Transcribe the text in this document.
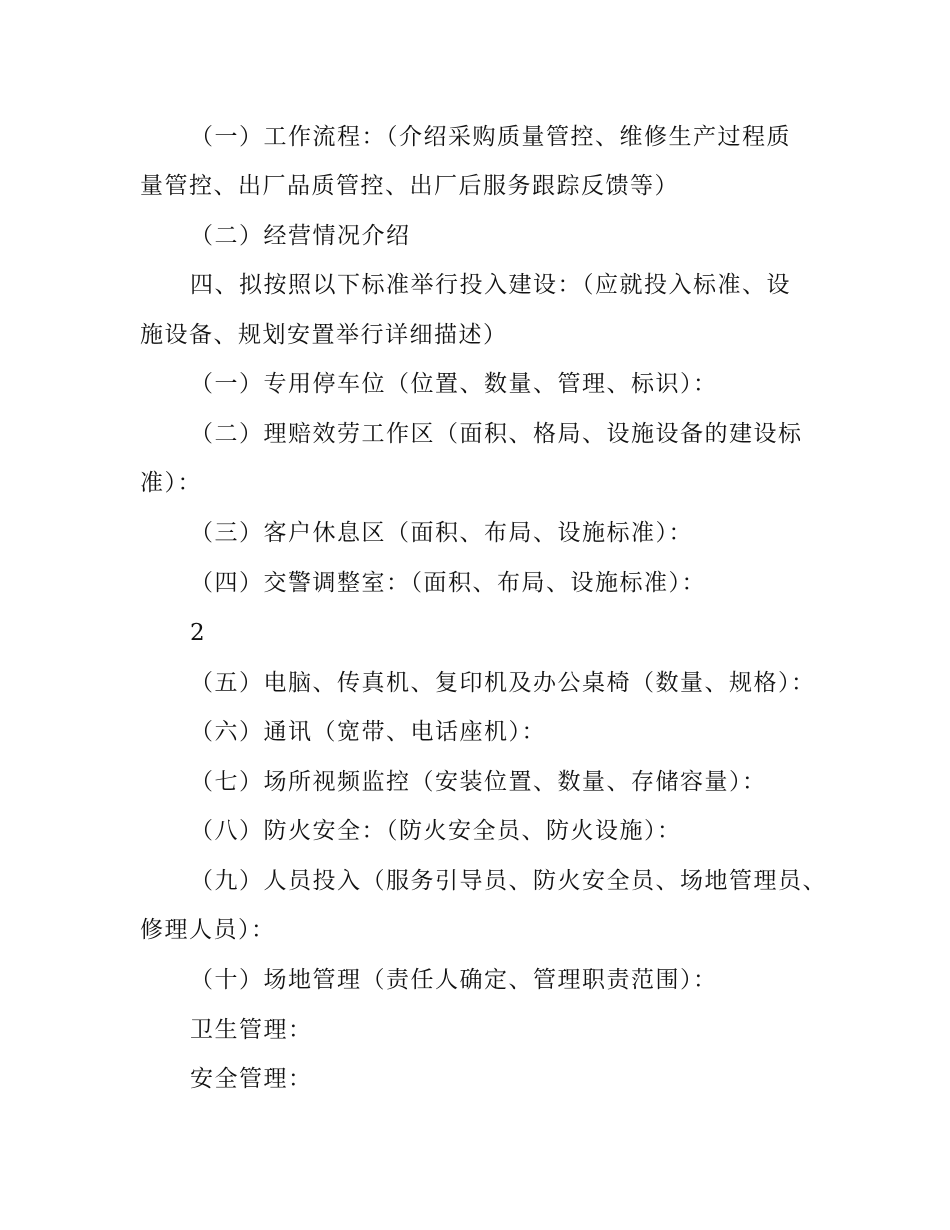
（一）工作流程：（介绍采购质量管控、维修生产过程质
量管控、出厂品质管控、出厂后服务跟踪反馈等）
（二）经营情况介绍
四、拟按照以下标准举行投入建设：（应就投入标准、设
施设备、规划安置举行详细描述）
（一）专用停车位（位置、数量、管理、标识）：
（二）理赔效劳工作区（面积、格局、设施设备的建设标
准）：
（三）客户休息区（面积、布局、设施标准）：
（四）交警调整室：（面积、布局、设施标准）：
2
（五）电脑、传真机、复印机及办公桌椅（数量、规格）：
（六）通讯（宽带、电话座机）：
（七）场所视频监控（安装位置、数量、存储容量）：
（八）防火安全：（防火安全员、防火设施）：
（九）人员投入（服务引导员、防火安全员、场地管理员、
修理人员）：
（十）场地管理（责任人确定、管理职责范围）：
卫生管理：
安全管理：
